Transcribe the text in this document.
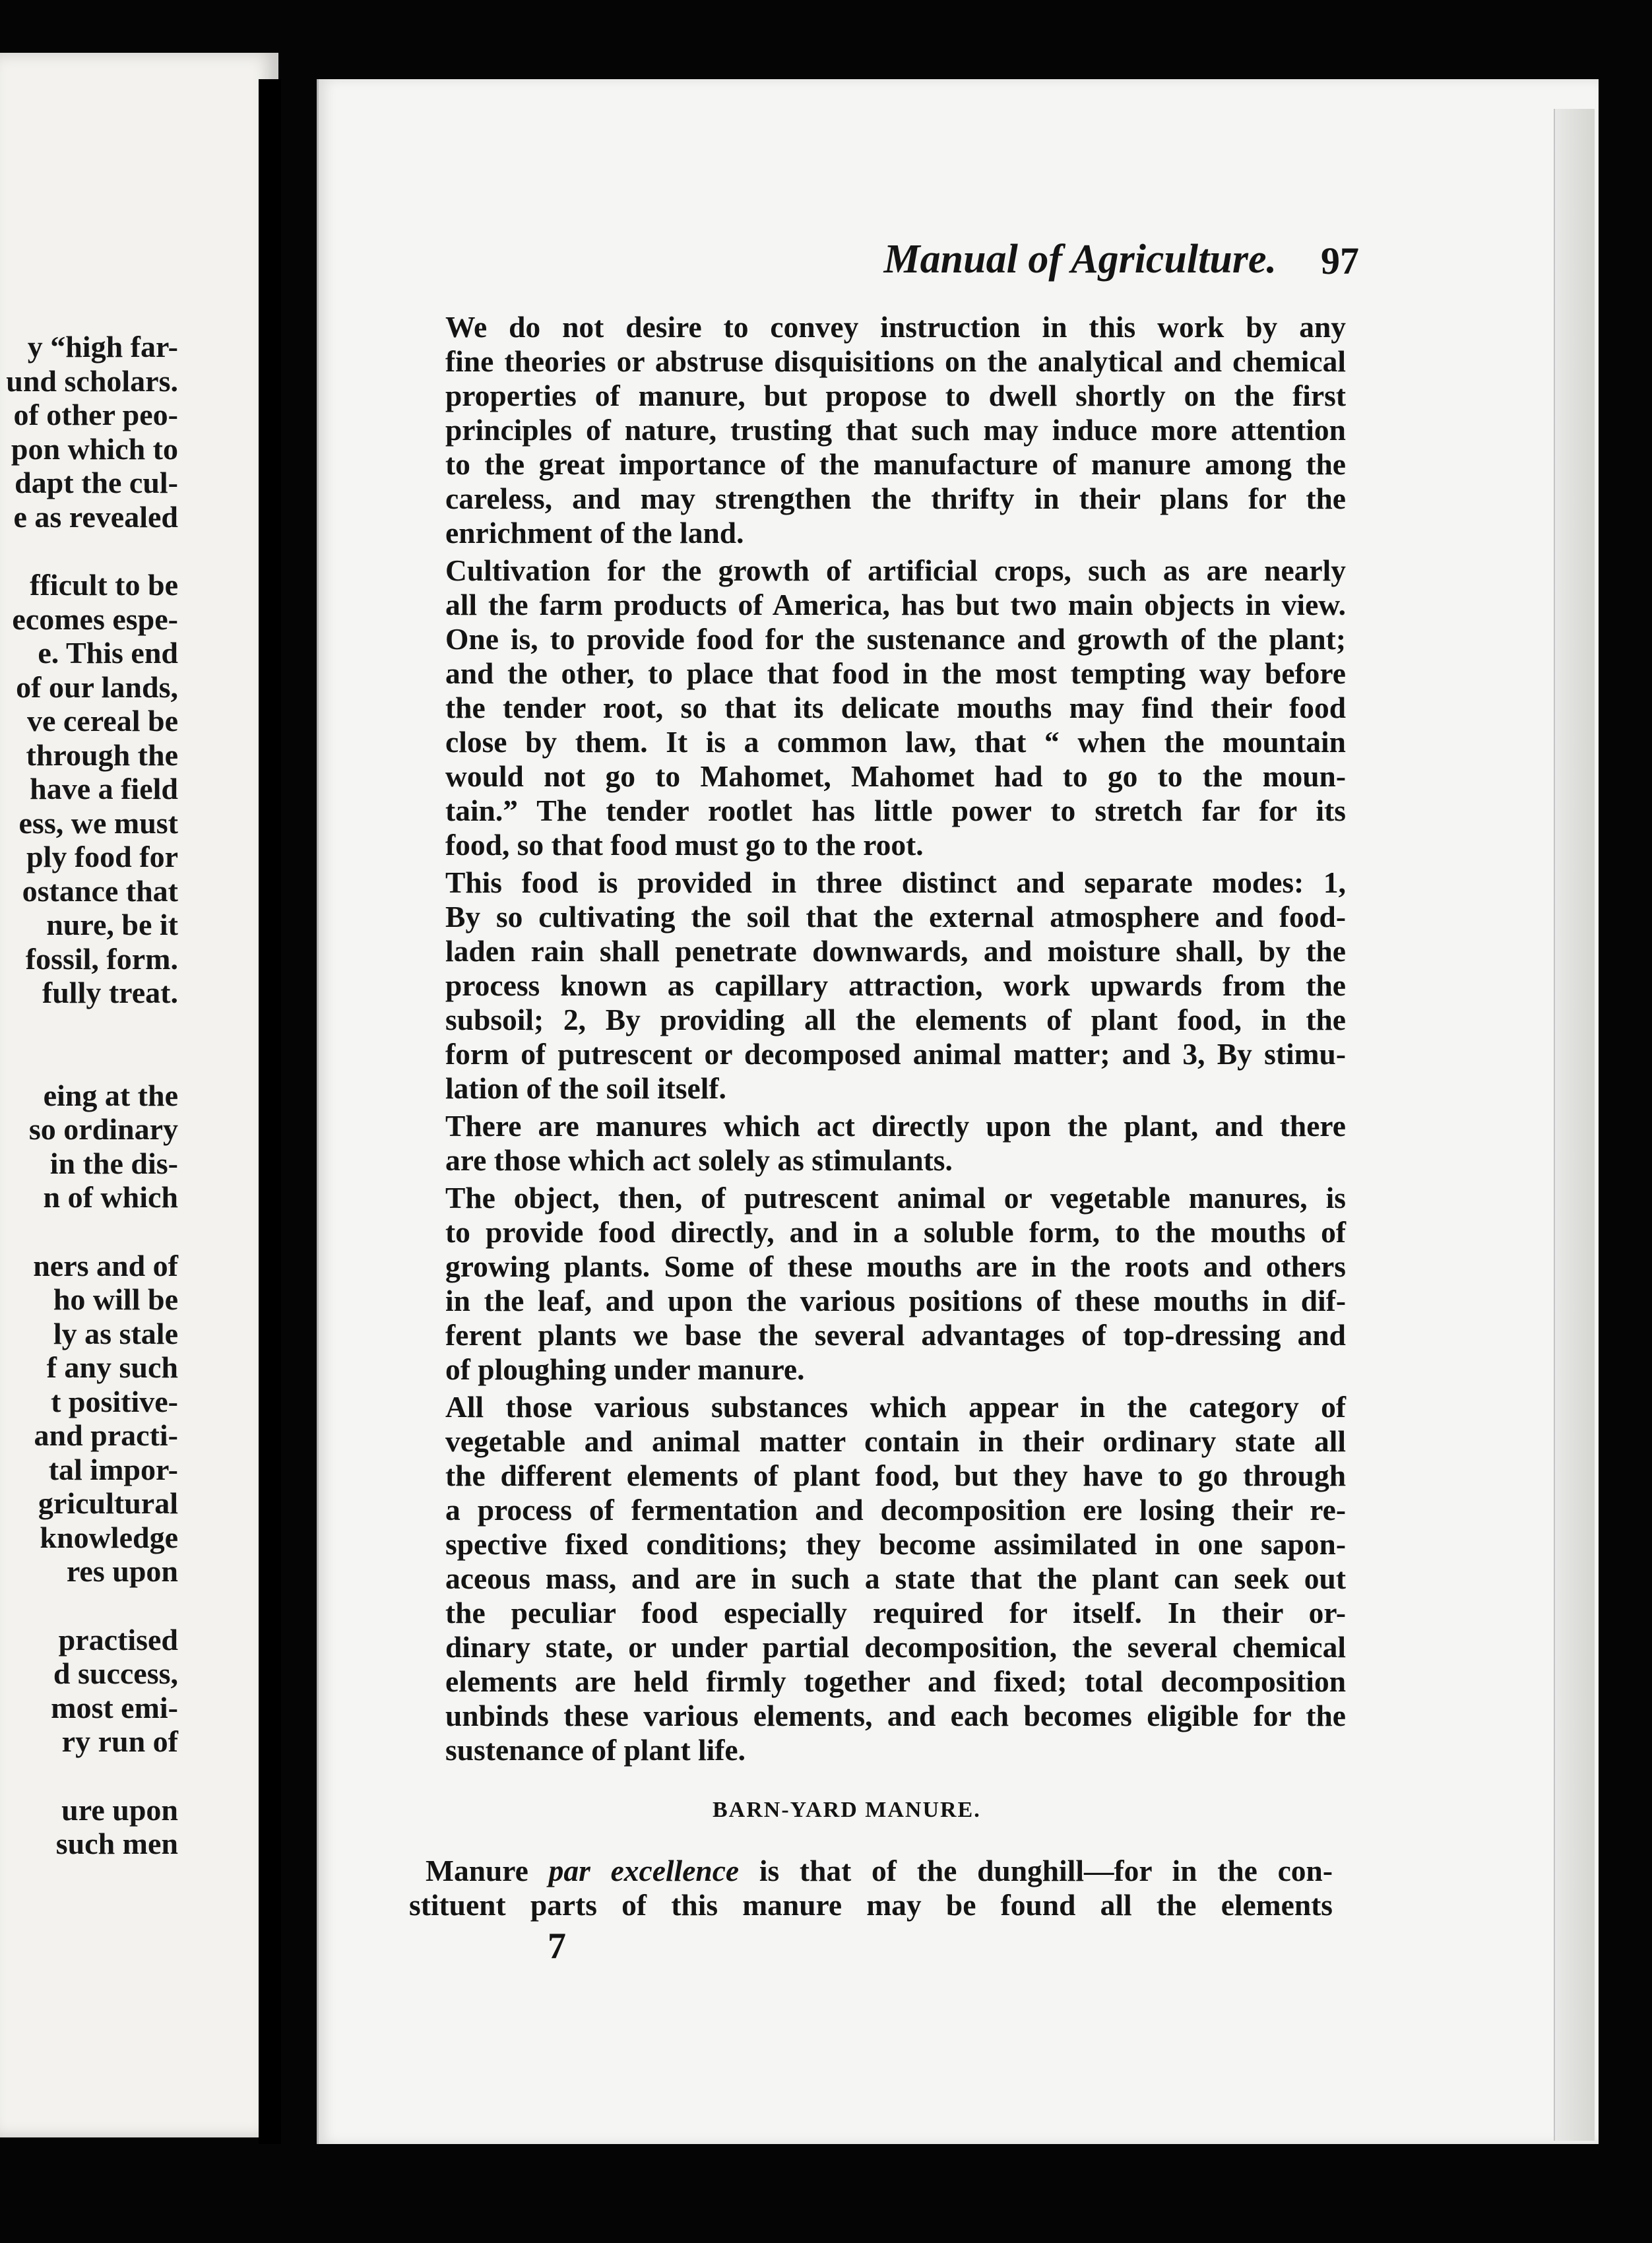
y “high far-
und scholars.
of other peo-
pon which to
dapt the cul-
e as revealed
fficult to be
ecomes espe-
e. This end
of our lands,
ve cereal be
through the
have a field
ess, we must
ply food for
ostance that
nure, be it
fossil, form.
fully treat.
eing at the
so ordinary
in the dis-
n of which
ners and of
ho will be
ly as stale
f any such
t positive-
and practi-
tal impor-
gricultural
knowledge
res upon
practised
d success,
most emi-
ry run of
ure upon
such men
Manual of Agriculture. 97
We do not desire to convey instruction in this work by any
fine theories or abstruse disquisitions on the analytical and chemical
properties of manure, but propose to dwell shortly on the first
principles of nature, trusting that such may induce more attention
to the great importance of the manufacture of manure among the
careless, and may strengthen the thrifty in their plans for the
enrichment of the land.
Cultivation for the growth of artificial crops, such as are nearly
all the farm products of America, has but two main objects in view.
One is, to provide food for the sustenance and growth of the plant;
and the other, to place that food in the most tempting way before
the tender root, so that its delicate mouths may find their food
close by them. It is a common law, that “ when the mountain
would not go to Mahomet, Mahomet had to go to the moun-
tain.” The tender rootlet has little power to stretch far for its
food, so that food must go to the root.
This food is provided in three distinct and separate modes: 1,
By so cultivating the soil that the external atmosphere and food-
laden rain shall penetrate downwards, and moisture shall, by the
process known as capillary attraction, work upwards from the
subsoil; 2, By providing all the elements of plant food, in the
form of putrescent or decomposed animal matter; and 3, By stimu-
lation of the soil itself.
There are manures which act directly upon the plant, and there
are those which act solely as stimulants.
The object, then, of putrescent animal or vegetable manures, is
to provide food directly, and in a soluble form, to the mouths of
growing plants. Some of these mouths are in the roots and others
in the leaf, and upon the various positions of these mouths in dif-
ferent plants we base the several advantages of top-dressing and
of ploughing under manure.
All those various substances which appear in the category of
vegetable and animal matter contain in their ordinary state all
the different elements of plant food, but they have to go through
a process of fermentation and decomposition ere losing their re-
spective fixed conditions; they become assimilated in one sapon-
aceous mass, and are in such a state that the plant can seek out
the peculiar food especially required for itself. In their or-
dinary state, or under partial decomposition, the several chemical
elements are held firmly together and fixed; total decomposition
unbinds these various elements, and each becomes eligible for the
sustenance of plant life.
BARN-YARD MANURE.
Manure par excellence is that of the dunghill—for in the con-
stituent parts of this manure may be found all the elements
7
